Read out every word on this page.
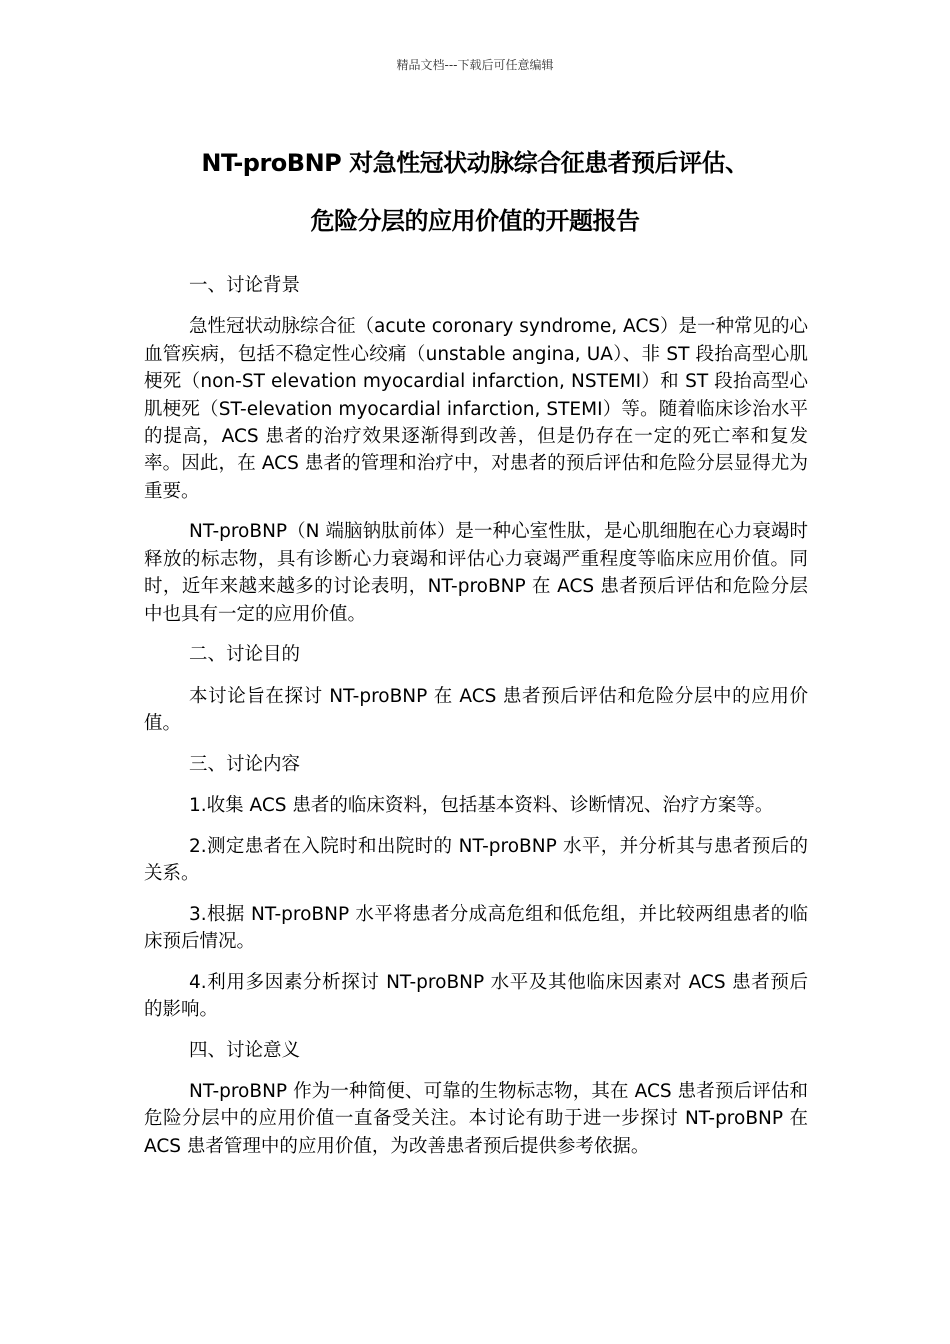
精品文档---下载后可任意编辑
NT-proBNP 对急性冠状动脉综合征患者预后评估、
危险分层的应用价值的开题报告

一、讨论背景

急性冠状动脉综合征（acute coronary syndrome, ACS）是一种常见的心血管疾病，包括不稳定性心绞痛（unstable angina, UA）、非 ST 段抬高型心肌梗死（non-ST elevation myocardial infarction, NSTEMI）和 ST 段抬高型心肌梗死（ST-elevation myocardial infarction, STEMI）等。随着临床诊治水平的提高，ACS 患者的治疗效果逐渐得到改善，但是仍存在一定的死亡率和复发率。因此，在 ACS 患者的管理和治疗中，对患者的预后评估和危险分层显得尤为重要。

NT-proBNP（N 端脑钠肽前体）是一种心室性肽，是心肌细胞在心力衰竭时释放的标志物，具有诊断心力衰竭和评估心力衰竭严重程度等临床应用价值。同时，近年来越来越多的讨论表明，NT-proBNP 在 ACS 患者预后评估和危险分层中也具有一定的应用价值。

二、讨论目的

本讨论旨在探讨 NT-proBNP 在 ACS 患者预后评估和危险分层中的应用价值。

三、讨论内容

1.收集 ACS 患者的临床资料，包括基本资料、诊断情况、治疗方案等。

2.测定患者在入院时和出院时的 NT-proBNP 水平，并分析其与患者预后的关系。

3.根据 NT-proBNP 水平将患者分成高危组和低危组，并比较两组患者的临床预后情况。

4.利用多因素分析探讨 NT-proBNP 水平及其他临床因素对 ACS 患者预后的影响。

四、讨论意义

NT-proBNP 作为一种简便、可靠的生物标志物，其在 ACS 患者预后评估和危险分层中的应用价值一直备受关注。本讨论有助于进一步探讨 NT-proBNP 在 ACS 患者管理中的应用价值，为改善患者预后提供参考依据。
